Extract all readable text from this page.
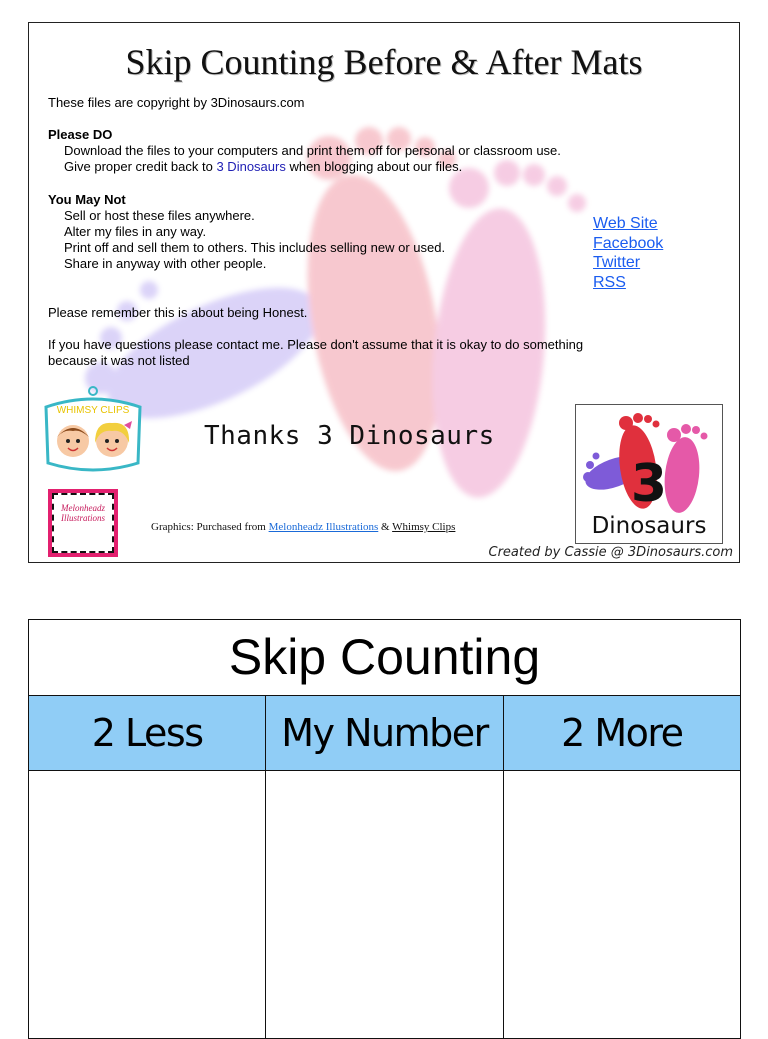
Skip Counting Before & After Mats
These files are copyright by 3Dinosaurs.com
Please DO
Download the files to your computers and print them off for personal or classroom use.
Give proper credit back to 3 Dinosaurs when blogging about our files.
You May Not
Sell or host these files anywhere.
Alter my files in any way.
Print off and sell them to others. This includes selling new or used.
Share in anyway with other people.
Web Site
Facebook
Twitter
RSS
Please remember this is about being Honest.
If you have questions please contact me. Please don't assume that it is okay to do something
because it was not listed
WHIMSY CLIPS
Melonheadz
Illustrations
Thanks 3 Dinosaurs
Graphics: Purchased from Melonheadz Illustrations & Whimsy Clips
3
Dinosaurs
Created by Cassie @ 3Dinosaurs.com
Skip Counting
2 Less	My Number	2 More
